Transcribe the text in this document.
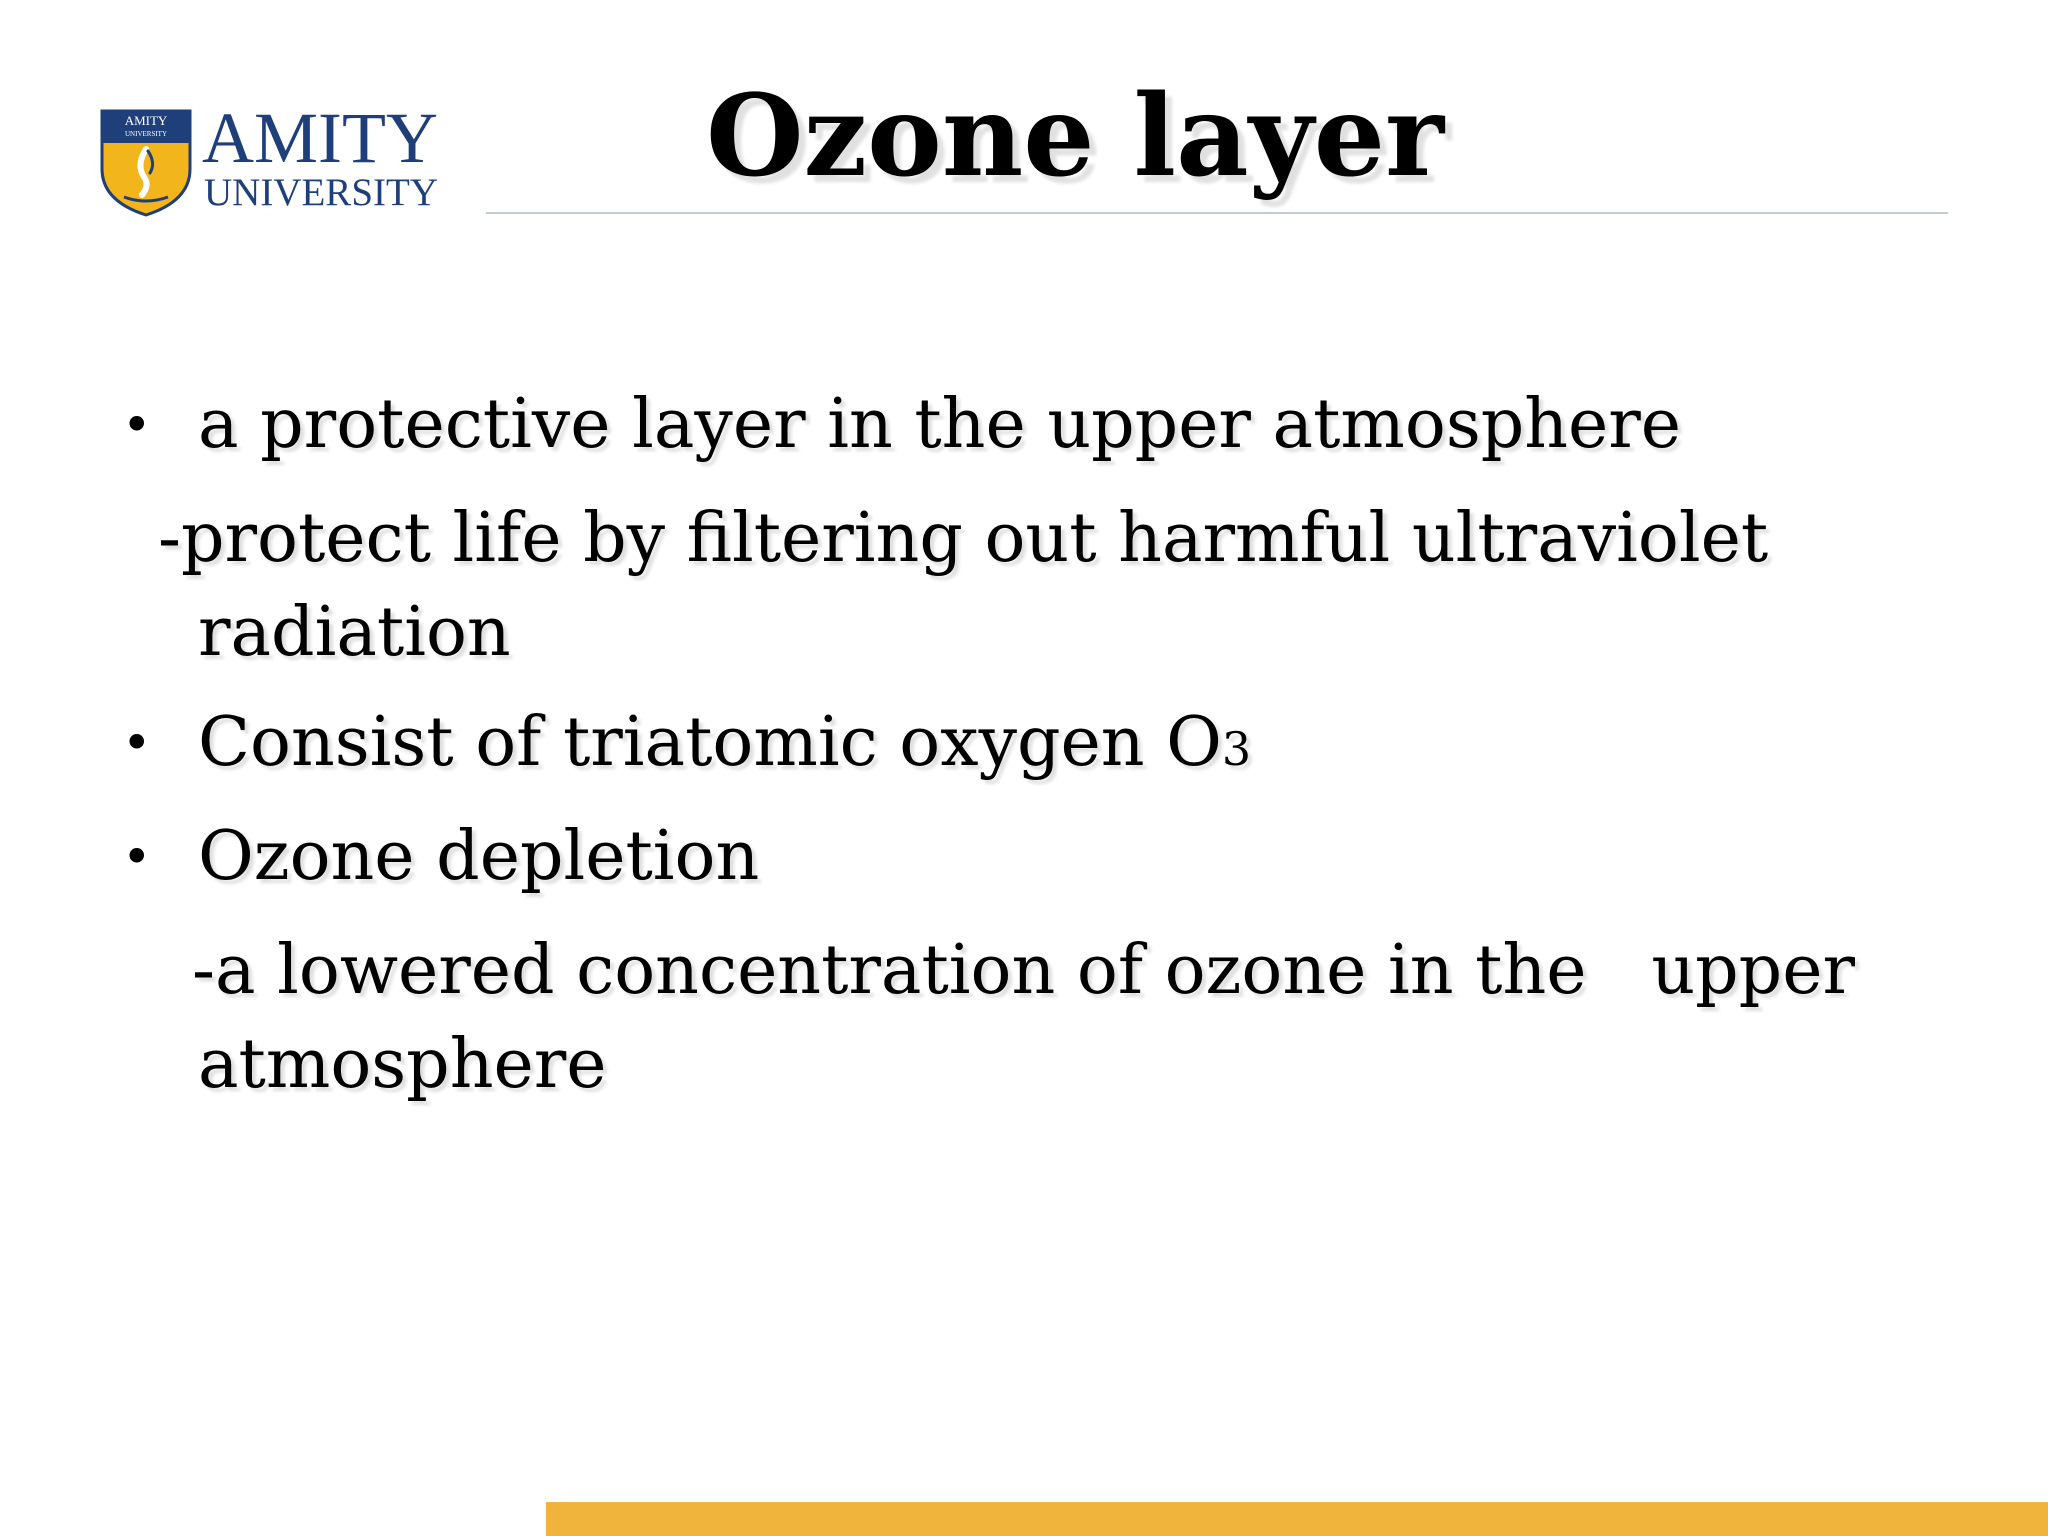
AMITY
UNIVERSITY AMITY
UNIVERSITY	Ozone layer
• a protective layer in the upper atmosphere
-protect life by filtering out harmful ultraviolet
radiation
• Consist of triatomic oxygen O3
• Ozone depletion
-a lowered concentration of ozone in the   upper
atmosphere
